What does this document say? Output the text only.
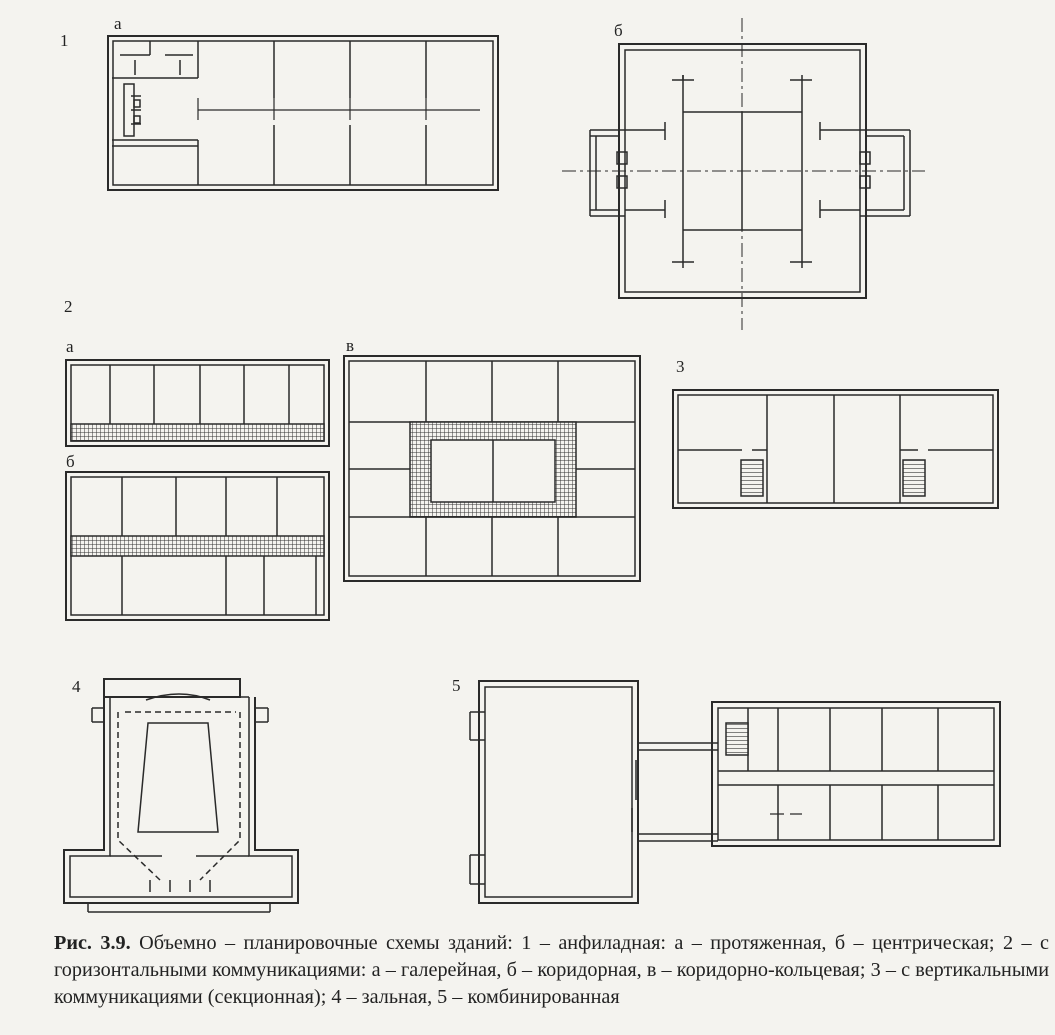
1
а	б
2
а
б
в
3
4	5
Рис. 3.9. Объемно – планировочные схемы зданий: 1 – анфиладная: а – протяженная, б – центрическая; 2 – с горизонтальными коммуникациями: а – галерейная, б – коридорная, в – коридорно-кольцевая; 3 – с вертикальными коммуникациями (секционная); 4 – зальная, 5 – комбинированная
